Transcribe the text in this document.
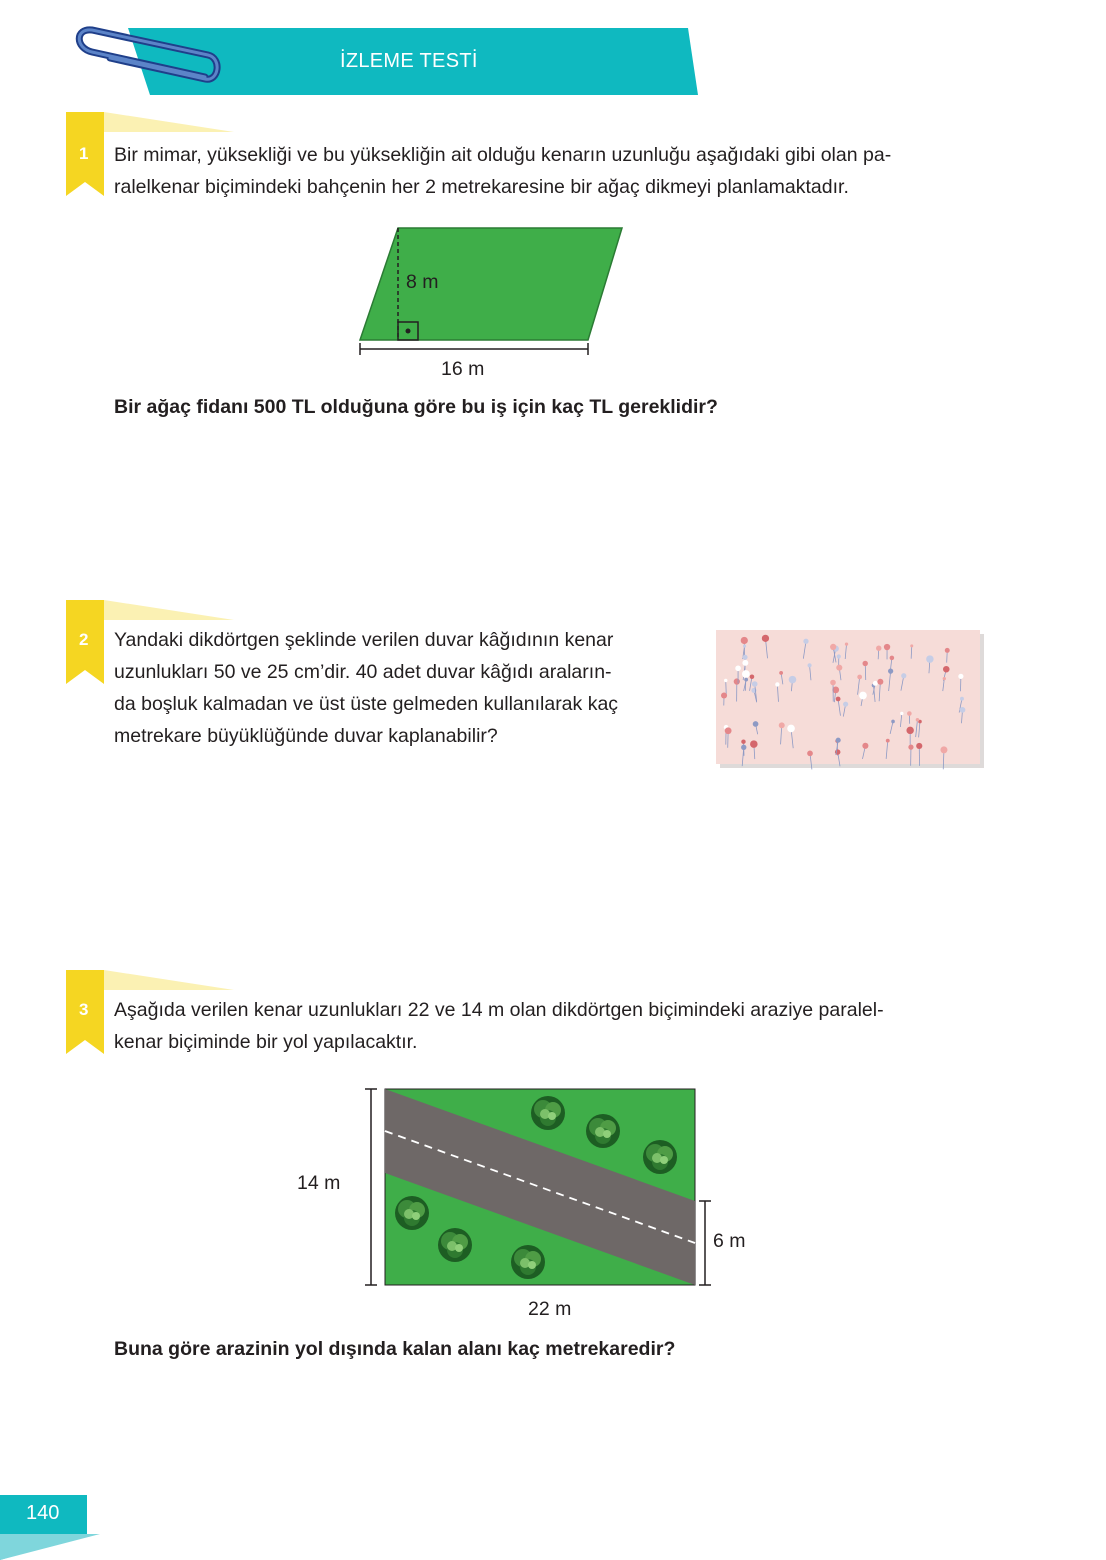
İZLEME TESTİ
1 Bir mimar, yüksekliği ve bu yüksekliğin ait olduğu kenarın uzunluğu aşağıdaki gibi olan pa-
ralelkenar biçimindeki bahçenin her 2 metrekaresine bir ağaç dikmeyi planlamaktadır.
8 m
16 m
Bir ağaç fidanı 500 TL olduğuna göre bu iş için kaç TL gereklidir?
2 Yandaki dikdörtgen şeklinde verilen duvar kâğıdının kenar
uzunlukları 50 ve 25 cm’dir. 40 adet duvar kâğıdı araların-
da boşluk kalmadan ve üst üste gelmeden kullanılarak kaç
metrekare büyüklüğünde duvar kaplanabilir?
3 Aşağıda verilen kenar uzunlukları 22 ve 14 m olan dikdörtgen biçimindeki araziye paralel-
kenar biçiminde bir yol yapılacaktır.
14 m
6 m
22 m
Buna göre arazinin yol dışında kalan alanı kaç metrekaredir?
140
